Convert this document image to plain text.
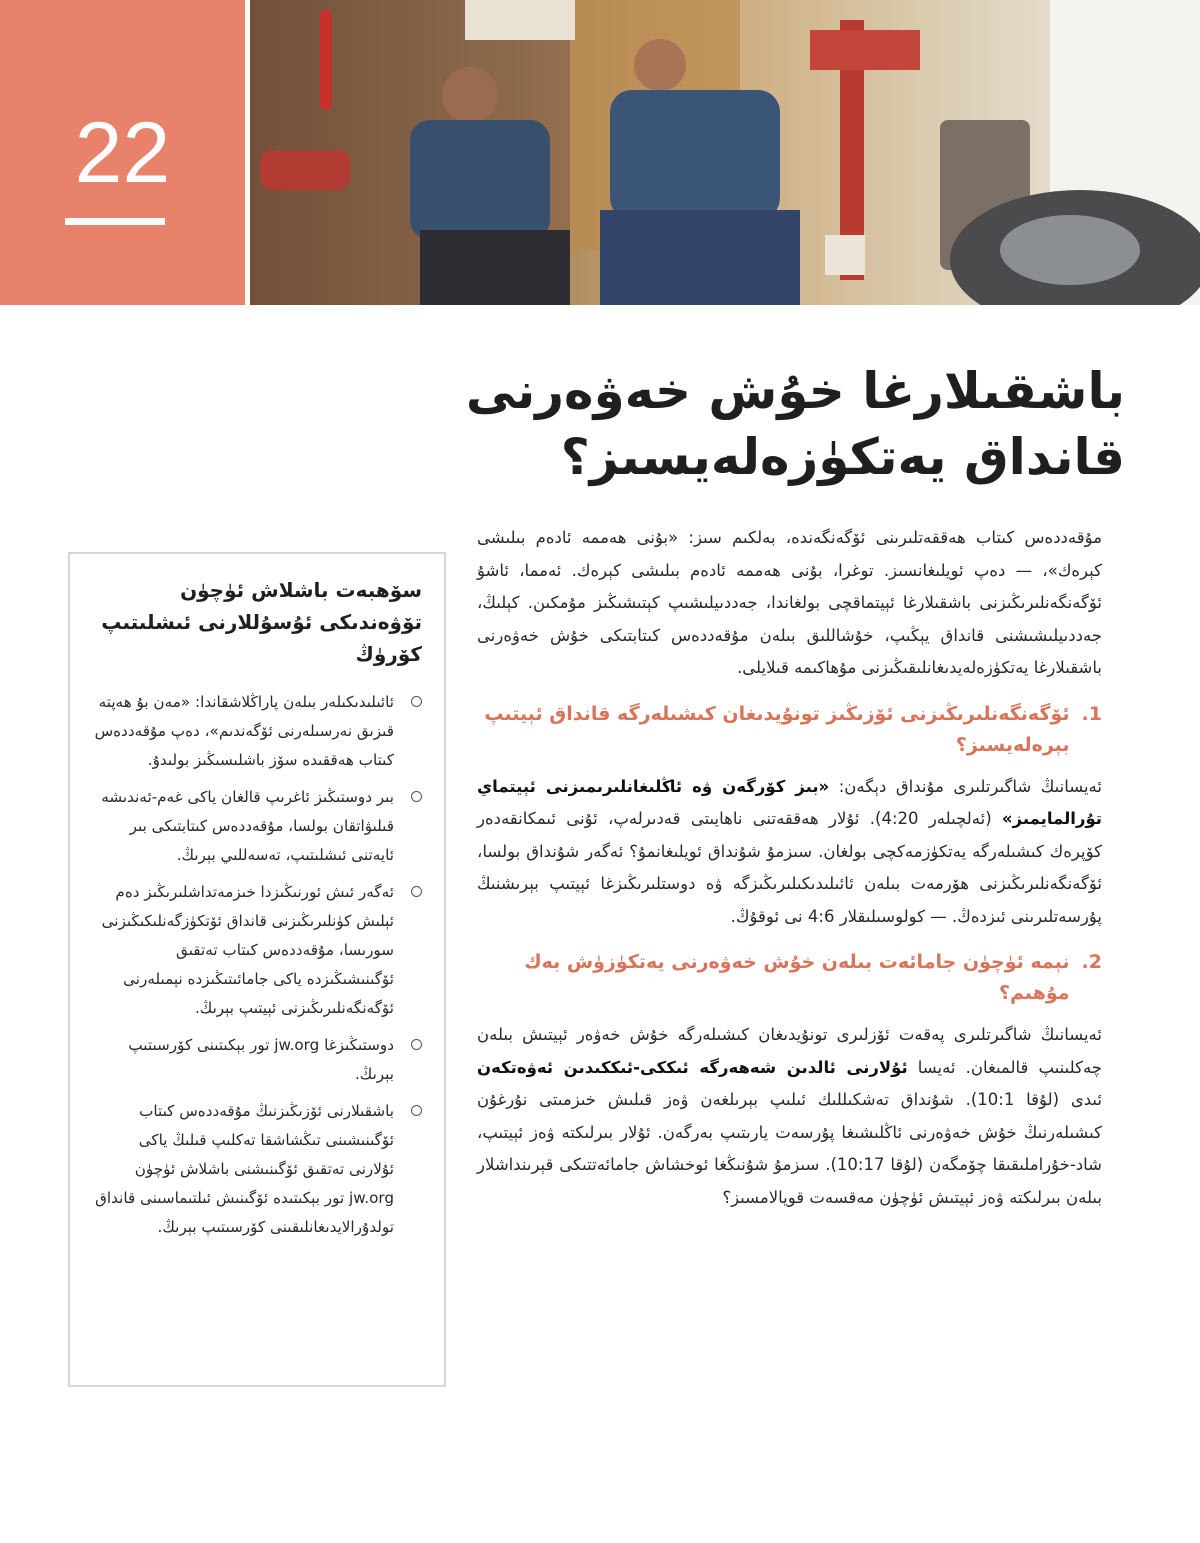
22
باشقىلارغا خۇش خەۋەرنى
قانداق يەتكۈزەلەيسىز؟

مۇقەددەس كىتاب ھەققەتلىرىنى ئۆگەنگەندە، بەلكىم سىز: «بۇنى ھەممە ئادەم بىلىشى كېرەك»، — دەپ ئويلىغانسىز. توغرا، بۇنى ھەممە ئادەم بىلىشى كېرەك. ئەمما، ئاشۇ ئۆگەنگەنلىرىڭىزنى باشقىلارغا ئېيتماقچى بولغاندا، جەددىيلىشىپ كېتىشىڭىز مۇمكىن. كېلىڭ، جەددىيلىشىشنى قانداق يېڭىپ، خۇشاللىق بىلەن مۇقەددەس كىتابتىكى خۇش خەۋەرنى باشقىلارغا يەتكۈزەلەيدىغانلىقىڭىزنى مۇھاكىمە قىلايلى.

1.
ئۆگەنگەنلىرىڭىزنى ئۆزىڭىز تونۇيدىغان كىشىلەرگە قانداق ئېيتىپ بېرەلەيسىز؟

ئەيسانىڭ شاگىرتلىرى مۇنداق دېگەن: «بىز كۆرگەن ۋە ئاڭلىغانلىرىمىزنى ئېيتماي تۇرالمايمىز» (ئەلچىلەر 4:20). ئۇلار ھەققەتنى ناھايىتى قەدىرلەپ، ئۇنى ئىمكانقەدەر كۆپرەك كىشىلەرگە يەتكۈزمەكچى بولغان. سىزمۇ شۇنداق ئويلىغانمۇ؟ ئەگەر شۇنداق بولسا، ئۆگەنگەنلىرىڭىزنى ھۆرمەت بىلەن ئائىلىدىكىلىرىڭىزگە ۋە دوستلىرىڭىزغا ئېيتىپ بېرىشنىڭ پۇرسەتلىرىنى ئىزدەڭ. — كولوسىلىقلار 4:6 نى ئوقۇڭ.

2.
نېمە ئۈچۈن جامائەت بىلەن خۇش خەۋەرنى يەتكۈزۈش بەك مۇھىم؟

ئەيسانىڭ شاگىرتلىرى پەقەت ئۆزلىرى تونۇيدىغان كىشىلەرگە خۇش خەۋەر ئېيتىش بىلەن چەكلىنىپ قالمىغان. ئەيسا ئۇلارنى ئالدىن شەھەرگە ئىككى-ئىككىدىن ئەۋەتكەن ئىدى (لۇقا 10:1). شۇنداق تەشكىللىك ئىلىپ بېرىلغەن ۋەز قىلىش خىزمىتى نۇرغۇن كىشىلەرنىڭ خۇش خەۋەرنى ئاڭلىشىغا پۇرسەت يارىتىپ بەرگەن. ئۇلار بىرلىكتە ۋەز ئېيتىپ، شاد-خۇراملىقىقا چۆمگەن (لۇقا 10:17). سىزمۇ شۇنىڭغا ئوخشاش جامائەتتىكى قېرىنداشلار بىلەن بىرلىكتە ۋەز ئېيتىش ئۈچۈن مەقسەت قويالامسىز؟

سۆھبەت باشلاش ئۈچۈن تۆۋەندىكى ئۇسۇللارنى ئىشلىتىپ كۆرۈڭ
ئائىلىدىكىلەر بىلەن پاراڭلاشقاندا: «مەن بۇ ھەپتە قىزىق نەرسىلەرنى ئۆگەندىم»، دەپ مۇقەددەس كىتاب ھەققىدە سۆز باشلىسىڭىز بولىدۇ.
بىر دوستىڭىز ئاغرىپ قالغان ياكى غەم-ئەندىشە قىلىۋاتقان بولسا، مۇقەددەس كىتابتىكى بىر ئايەتنى ئىشلىتىپ، تەسەللىي بېرىڭ.
ئەگەر ئىش ئورنىڭىزدا خىزمەتداشلىرىڭىز دەم ئېلىش كۈنلىرىڭىزنى قانداق ئۆتكۈزگەنلىكىڭىزنى سورىسا، مۇقەددەس كىتاب تەتقىق ئۆگىنىشىڭىزدە ياكى جامائىتىڭىزدە نېمىلەرنى ئۆگەنگەنلىرىڭىزنى ئېيتىپ بېرىڭ.
دوستىڭىزغا jw.org تور بېكىتىنى كۆرسىتىپ بېرىڭ.
باشقىلارنى ئۆزىڭىزنىڭ مۇقەددەس كىتاب ئۆگىنىشىنى تىڭشاشقا تەكلىپ قىلىڭ ياكى ئۇلارنى تەتقىق ئۆگىنىشنى باشلاش ئۈچۈن jw.org تور بېكىتىدە ئۆگىنىش ئىلتىماسىنى قانداق تولدۇرالايدىغانلىقىنى كۆرسىتىپ بېرىڭ.
